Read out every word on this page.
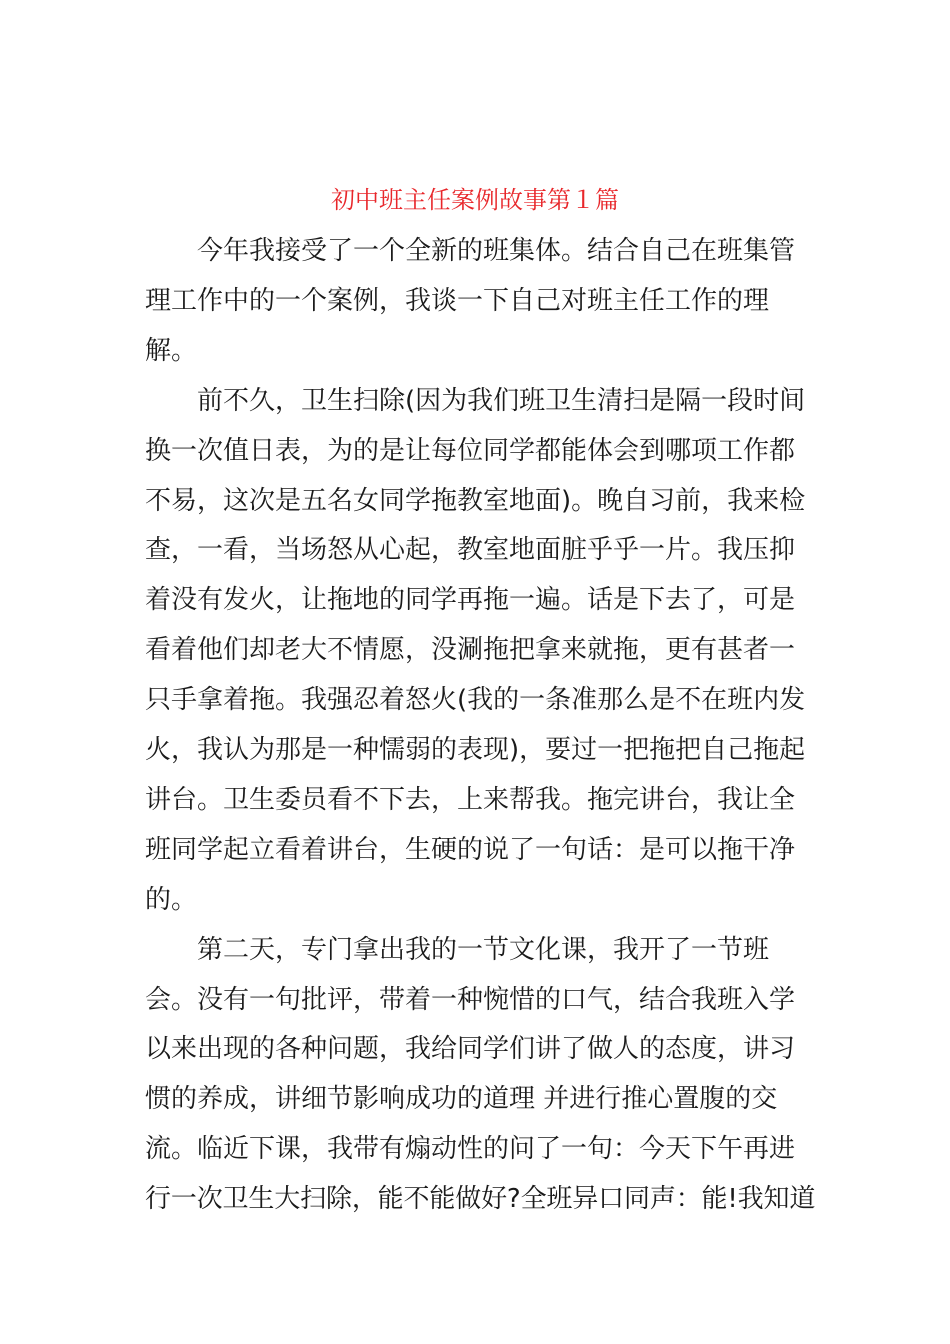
初中班主任案例故事第１篇

　　今年我接受了一个全新的班集体。结合自己在班集管

理工作中的一个案例，我谈一下自己对班主任工作的理

解。

　　前不久，卫生扫除(因为我们班卫生清扫是隔一段时间

换一次值日表，为的是让每位同学都能体会到哪项工作都

不易，这次是五名女同学拖教室地面)。晚自习前，我来检

查，一看，当场怒从心起，教室地面脏乎乎一片。我压抑

着没有发火，让拖地的同学再拖一遍。话是下去了，可是

看着他们却老大不情愿，没涮拖把拿来就拖，更有甚者一

只手拿着拖。我强忍着怒火(我的一条准那么是不在班内发

火，我认为那是一种懦弱的表现)，要过一把拖把自己拖起

讲台。卫生委员看不下去，上来帮我。拖完讲台，我让全

班同学起立看着讲台，生硬的说了一句话：是可以拖干净

的。

　　第二天，专门拿出我的一节文化课，我开了一节班

会。没有一句批评，带着一种惋惜的口气，结合我班入学

以来出现的各种问题，我给同学们讲了做人的态度，讲习

惯的养成，讲细节影响成功的道理 并进行推心置腹的交

流。临近下课，我带有煽动性的问了一句：今天下午再进

行一次卫生大扫除，能不能做好?全班异口同声：能!我知道
